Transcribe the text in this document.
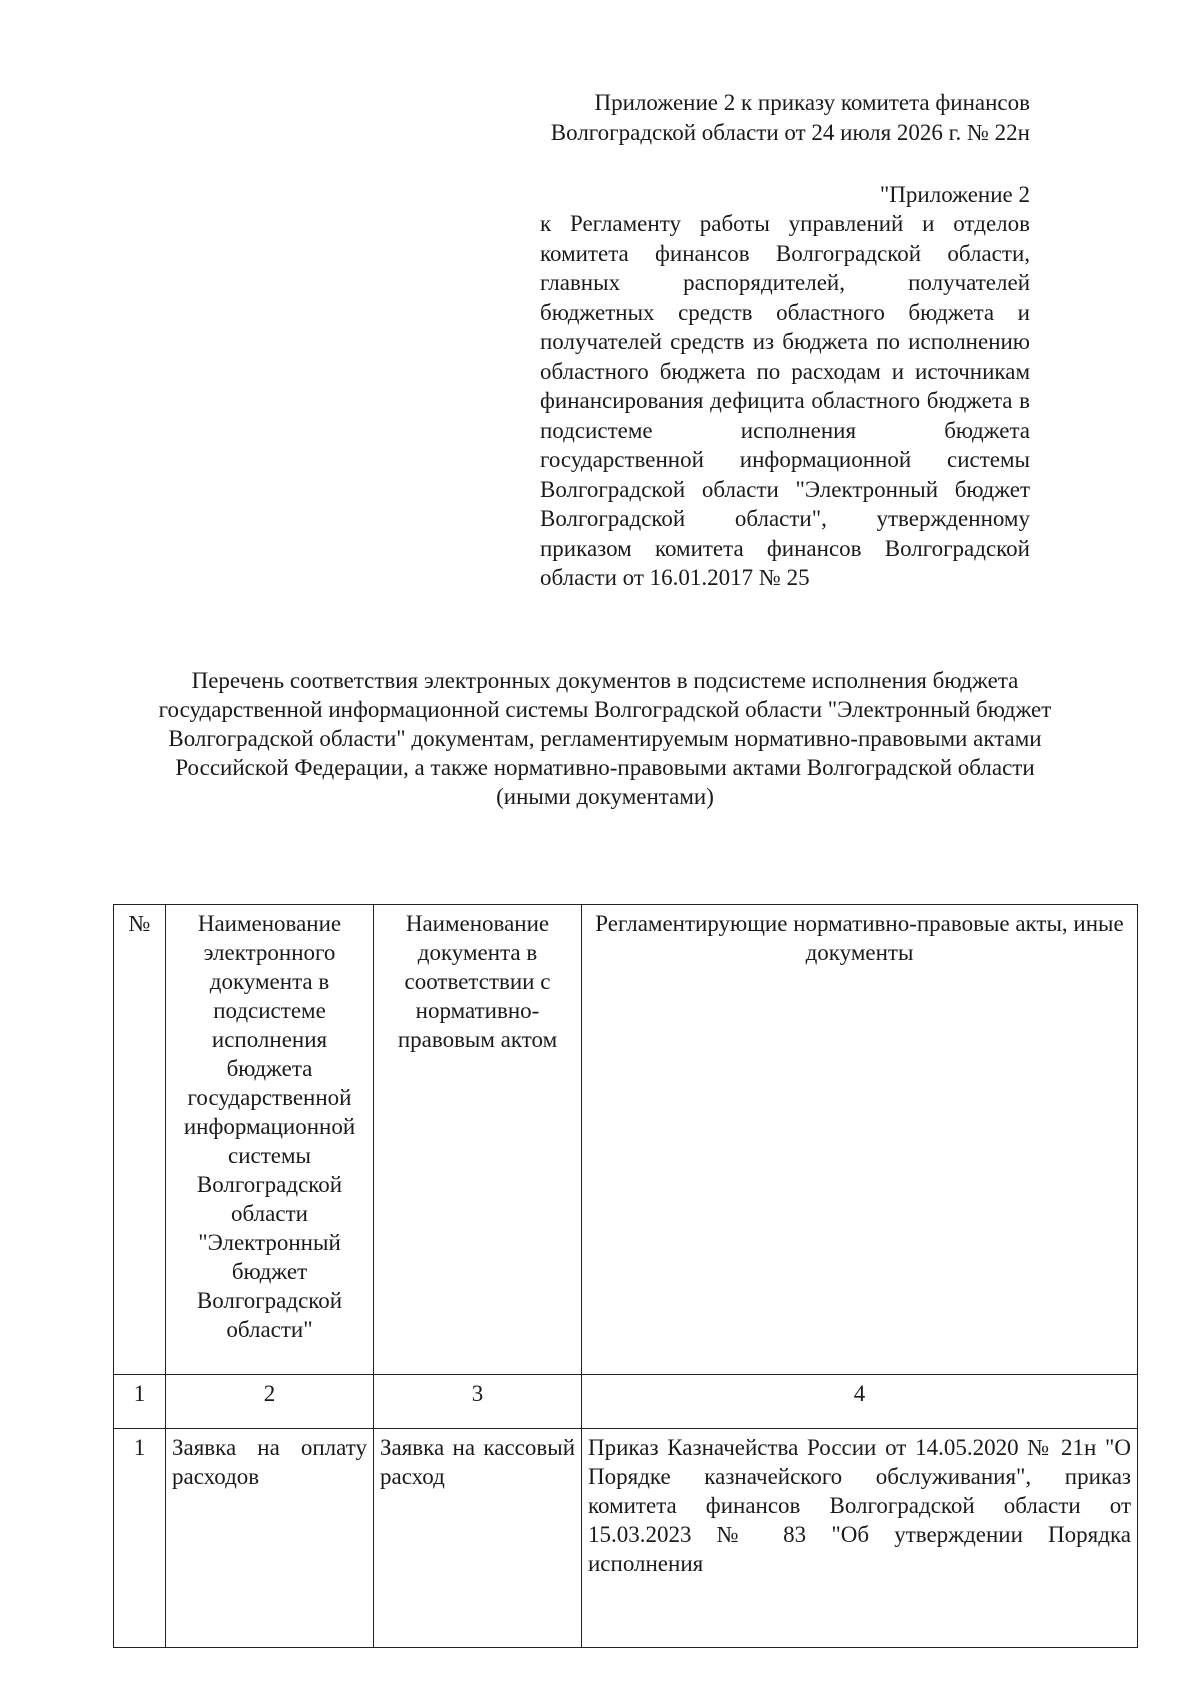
Приложение 2 к приказу комитета финансов
Волгоградской области от 24 июля 2026 г. № 22н
"Приложение 2
к Регламенту работы управлений и отделов комитета финансов Волгоградской области, главных распорядителей, получателей бюджетных средств областного бюджета и получателей средств из бюджета по исполнению областного бюджета по расходам и источникам финансирования дефицита областного бюджета в подсистеме исполнения бюджета государственной информационной системы Волгоградской области "Электронный бюджет Волгоградской области", утвержденному приказом комитета финансов Волгоградской области от 16.01.2017 № 25
Перечень соответствия электронных документов в подсистеме исполнения бюджета государственной информационной системы Волгоградской области "Электронный бюджет Волгоградской области" документам, регламентируемым нормативно-правовыми актами Российской Федерации, а также нормативно-правовыми актами Волгоградской области
(иными документами)
№	Наименование электронного документа в подсистеме исполнения бюджета государственной информационной системы Волгоградской области "Электронный бюджет Волгоградской области"	Наименование документа в соответствии с нормативно-правовым актом	Регламентирующие нормативно-правовые акты, иные документы
1	2	3	4
1	Заявка на оплату расходов	Заявка на кассовый расход	Приказ Казначейства России от 14.05.2020 № 21н "О Порядке казначейского обслуживания", приказ комитета финансов Волгоградской области от 15.03.2023 № 83 "Об утверждении Порядка исполнения
